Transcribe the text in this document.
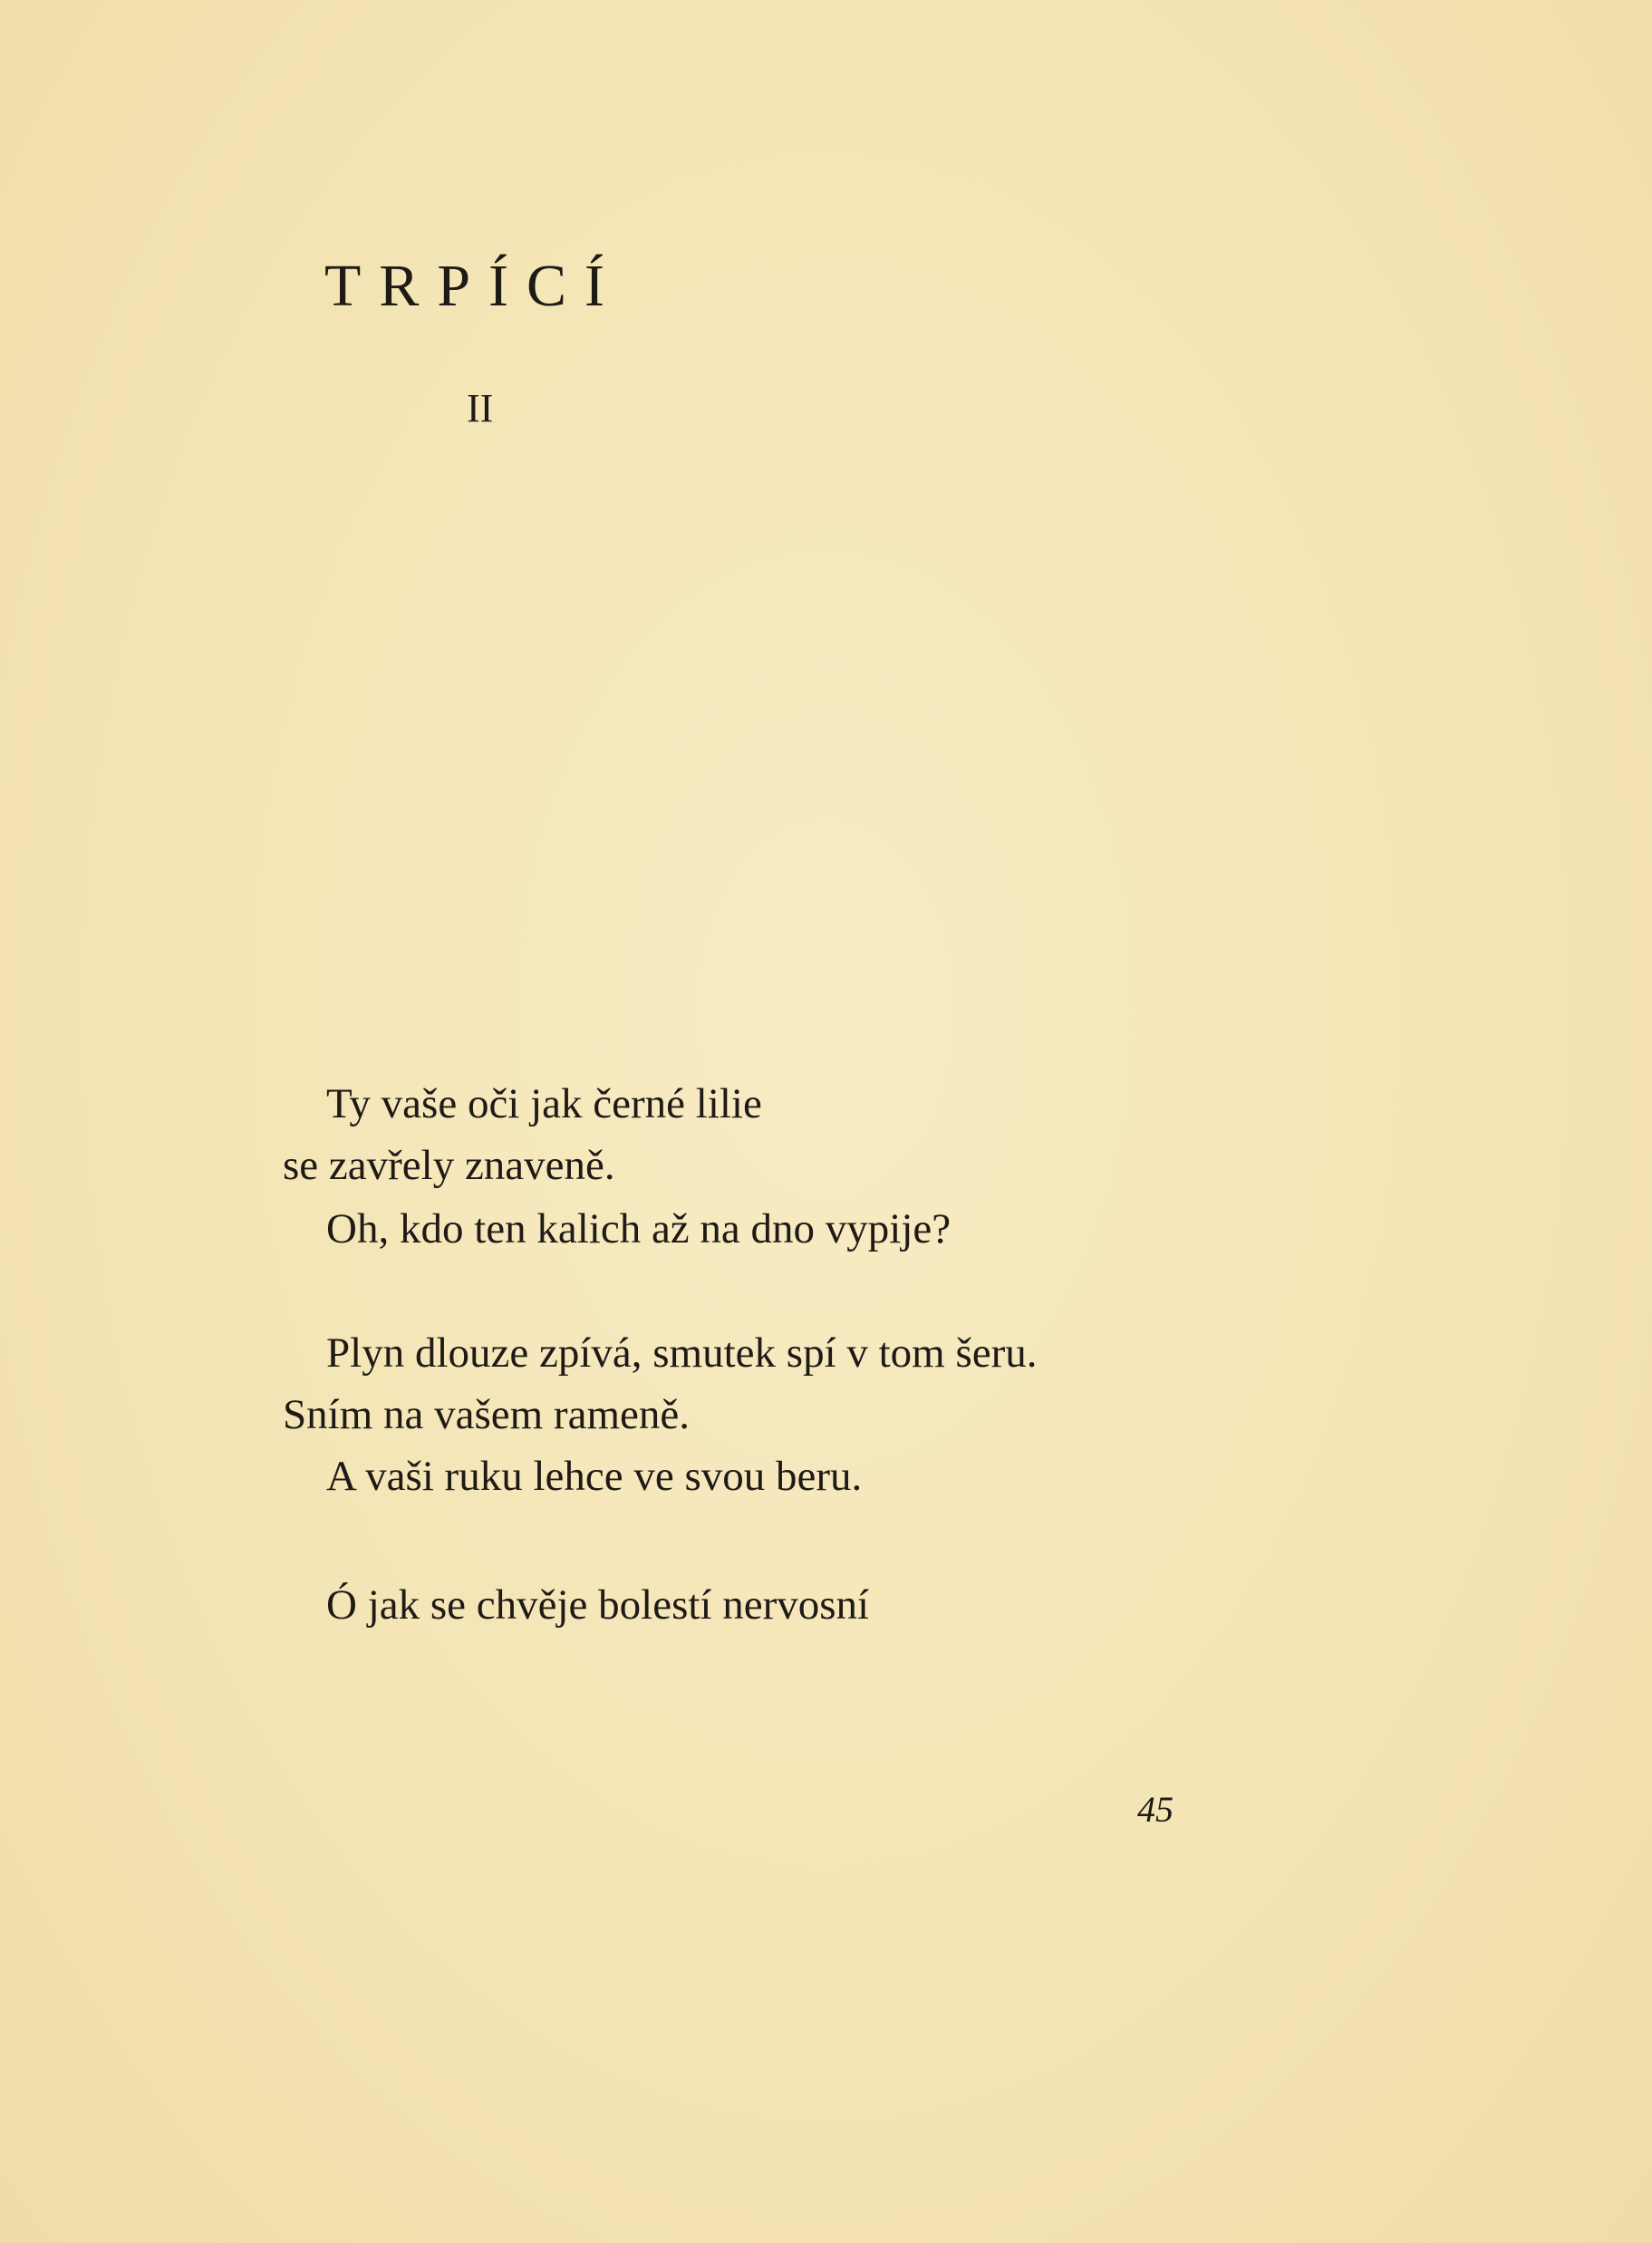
TRPÍCÍ
II
Ty vaše oči jak černé lilie
se zavřely znaveně.
Oh, kdo ten kalich až na dno vypije?
Plyn dlouze zpívá, smutek spí v tom šeru.
Sním na vašem rameně.
A vaši ruku lehce ve svou beru.
Ó jak se chvěje bolestí nervosní
45
